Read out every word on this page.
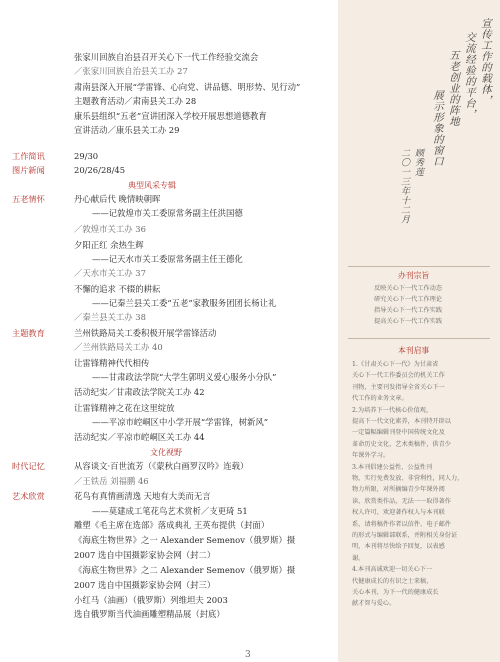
张家川回族自治县召开关心下一代工作经验交流会
／张家川回族自治县关工办 27
肃南县深入开展“学雷锋、心向党、讲品德、明形势、见行动”
主题教育活动／肃南县关工办 28
康乐县组织“五老”宣讲团深入学校开展思想道德教育
宣讲活动／康乐县关工办 29
29/30
20/26/28/45
丹心献后代 晚情映朝晖
——记敦煌市关工委原常务副主任洪国德
／敦煌市关工办 36
夕阳正红 余热生辉
——记天水市关工委原常务副主任王德化
／天水市关工办 37
不懈的追求 不辍的耕耘
——记秦兰县关工委“五老”家教服务团团长杨让礼
／秦兰县关工办 38
兰州铁路局关工委积极开展学雷锋活动
／兰州铁路局关工办 40
让雷锋精神代代相传
——甘肃政法学院“大学生郭明义爱心服务小分队”
活动纪实／甘肃政法学院关工办 42
让雷锋精神之花在这里绽放
——平凉市崆峒区中小学开展“学雷锋，树新风”
活动纪实／平凉市崆峒区关工办 44
从容谈文·百世流芳（《蒙秋白画罗汉吟》连载）
／王铁岳 刘福鹏 46
花鸟有真情画清逸 天地有大美而无言
——莫建成工笔花鸟艺术赏析／支更琦 51
雕塑《毛主席在选部》落成典礼 王英布提供（封面）
《海底生物世界》之一 Alexander Semenov（俄罗斯）摄
2007 选自中国摄影家协会网（封二）
《海底生物世界》之二 Alexander Semenov（俄罗斯）摄
2007 选自中国摄影家协会网（封三）
小红马（油画）（俄罗斯）列维坦夫 2003
选自俄罗斯当代油画雕塑精品展（封底）
工作简讯
图片新闻
五老情怀
主题教育
时代记忆
艺术欣赏
典型风采专辑
文化视野
3
宣传工作的载体，
交流经验的平台，
五老创业的阵地
展示形象的窗口
顾秀莲
二〇一三年十二月
办刊宗旨
反映关心下一代工作动态
研究关心下一代工作理论
指导关心下一代工作实践
提高关心下一代工作实践
本刊启事
1.《甘肃关心下一代》为甘肃省
关心下一代工作委员会的机关工作
刊物，主要刊发指导全省关心下一
代工作的业务文章。
2.为培养下一代核心价值观，
提高下一代文化素养，本刊特开辟以
一定篇幅编辑刊登中国传统文化及
革命历史文化，艺术类稿件，供青少
年课外学习。
3.本刊倡建公益性、公益性刊
物，实行免费发放、非营利性，同人力，
物力所限，对所摘编青少年课外阅
读、欣赏类作品，无法一一取得著作
权人许可，欢迎著作权人与本刊联
系，请将稿件作者以信件、电子邮件
的形式与编辑部联系，并附相关身份证
明，本刊将尽快给予回复，以表感
谢。
4.本刊高诚欢迎一切关心下一
代健康成长的有识之士来稿，
关心本刊，为下一代的健康成长
献才智与爱心。
